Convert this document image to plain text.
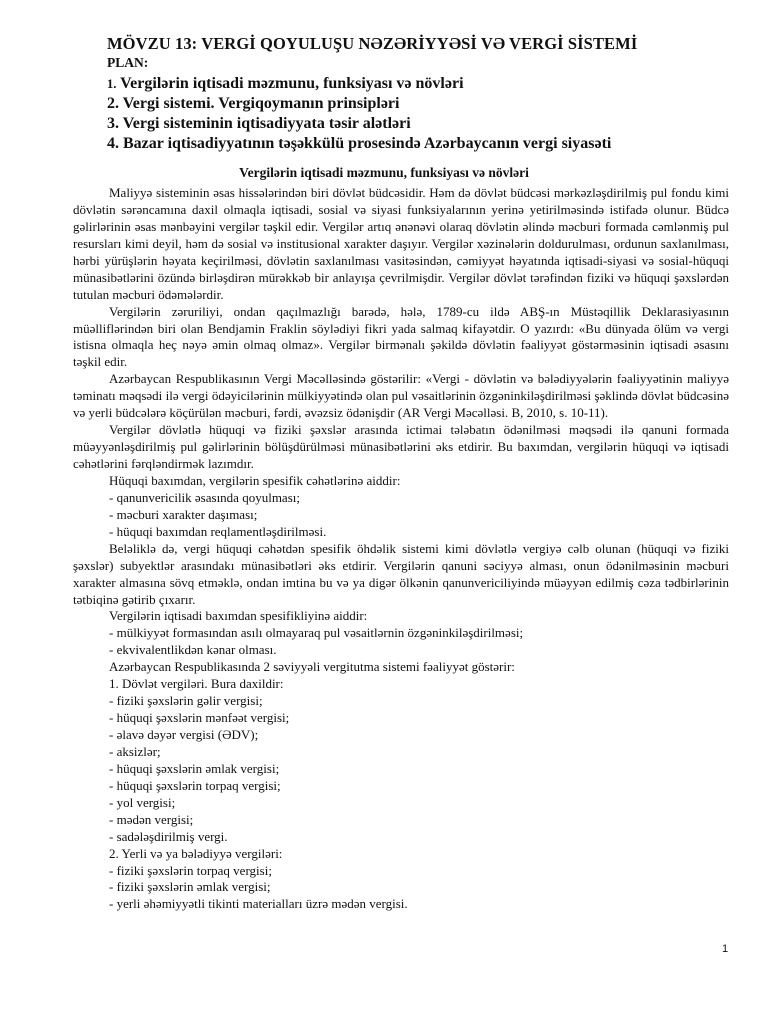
MÖVZU 13: VERGİ QOYULUŞU NƏZƏRİYYƏSİ VƏ VERGİ SİSTEMİ
PLAN:
1. Vergilərin iqtisadi məzmunu, funksiyası və növləri
2. Vergi sistemi. Vergiqoymanın prinsipləri
3. Vergi sisteminin iqtisadiyyata təsir alətləri
4. Bazar iqtisadiyyatının təşəkkülü prosesində Azərbaycanın vergi siyasəti
Vergilərin iqtisadi məzmunu, funksiyası və növləri

Maliyyə sisteminin əsas hissələrindən biri dövlət büdcəsidir. Həm də dövlət büdcəsi mərkəzləşdirilmiş pul fondu kimi dövlətin sərəncamına daxil olmaqla iqtisadi, sosial və siyasi funksiyalarının yerinə yetirilməsində istifadə olunur. Büdcə gəlirlərinin əsas mənbəyini vergilər təşkil edir. Vergilər artıq ənənəvi olaraq dövlətin əlində məcburi formada cəmlənmiş pul resursları kimi deyil, həm də sosial və institusional xarakter daşıyır. Vergilər xəzinələrin doldurulması, ordunun saxlanılması, hərbi yürüşlərin həyata keçirilməsi, dövlətin saxlanılması vasitəsindən, cəmiyyət həyatında iqtisadi-siyasi və sosial-hüquqi münasibətlərini özündə birləşdirən mürəkkəb bir anlayışa çevrilmişdir. Vergilər dövlət tərəfindən fiziki və hüquqi şəxslərdən tutulan məcburi ödəmələrdir.

Vergilərin zəruriliyi, ondan qaçılmazlığı barədə, hələ, 1789-cu ildə ABŞ-ın Müstəqillik Deklarasiyasının müəlliflərindən biri olan Bendjamin Fraklin söylədiyi fikri yada salmaq kifayətdir. O yazırdı: «Bu dünyada ölüm və vergi istisna olmaqla heç nəyə əmin olmaq olmaz». Vergilər birmənalı şəkildə dövlətin fəaliyyət göstərməsinin iqtisadi əsasını təşkil edir.

Azərbaycan Respublikasının Vergi Məcəlləsində göstərilir: «Vergi - dövlətin və bələdiyyələrin fəaliyyətinin maliyyə təminatı məqsədi ilə vergi ödəyicilərinin mülkiyyətində olan pul vəsaitlərinin özgəninkiləşdirilməsi şəklində dövlət büdcəsinə və yerli büdcələrə köçürülən məcburi, fərdi, əvəzsiz ödənişdir (AR Vergi Məcəlləsi. B, 2010, s. 10-11).

Vergilər dövlətlə hüquqi və fiziki şəxslər arasında ictimai tələbatın ödənilməsi məqsədi ilə qanuni formada müəyyənləşdirilmiş pul gəlirlərinin bölüşdürülməsi münasibətlərini əks etdirir. Bu baxımdan, vergilərin hüquqi və iqtisadi cəhətlərini fərqləndirmək lazımdır.

Hüquqi baxımdan, vergilərin spesifik cəhətlərinə aiddir:

- qanunvericilik əsasında qoyulması;

- məcburi xarakter daşıması;

- hüquqi baxımdan reqlamentləşdirilməsi.

Beləliklə də, vergi hüquqi cəhətdən spesifik öhdəlik sistemi kimi dövlətlə vergiyə cəlb olunan (hüquqi və fiziki şəxslər) subyektlər arasındakı münasibətləri əks etdirir. Vergilərin qanuni səciyyə alması, onun ödənilməsinin məcburi xarakter almasına sövq etməklə, ondan imtina bu və ya digər ölkənin qanunvericiliyində müəyyən edilmiş cəza tədbirlərinin tətbiqinə gətirib çıxarır.

Vergilərin iqtisadi baxımdan spesifikliyinə aiddir:

- mülkiyyət formasından asılı olmayaraq pul vəsaitlərnin özgəninkiləşdirilməsi;

- ekvivalentlikdən kənar olması.

Azərbaycan Respublikasında 2 səviyyəli vergitutma sistemi fəaliyyət göstərir:

1. Dövlət vergiləri. Bura daxildir:

- fiziki şəxslərin gəlir vergisi;

- hüquqi şəxslərin mənfəət vergisi;

- əlavə dəyər vergisi (ƏDV);

- aksizlər;

- hüquqi şəxslərin əmlak vergisi;

- hüquqi şəxslərin torpaq vergisi;

- yol vergisi;

- mədən vergisi;

- sadələşdirilmiş vergi.

2. Yerli və ya bələdiyyə vergiləri:

- fiziki şəxslərin torpaq vergisi;

- fiziki şəxslərin əmlak vergisi;

- yerli əhəmiyyətli tikinti materialları üzrə mədən vergisi.

1
